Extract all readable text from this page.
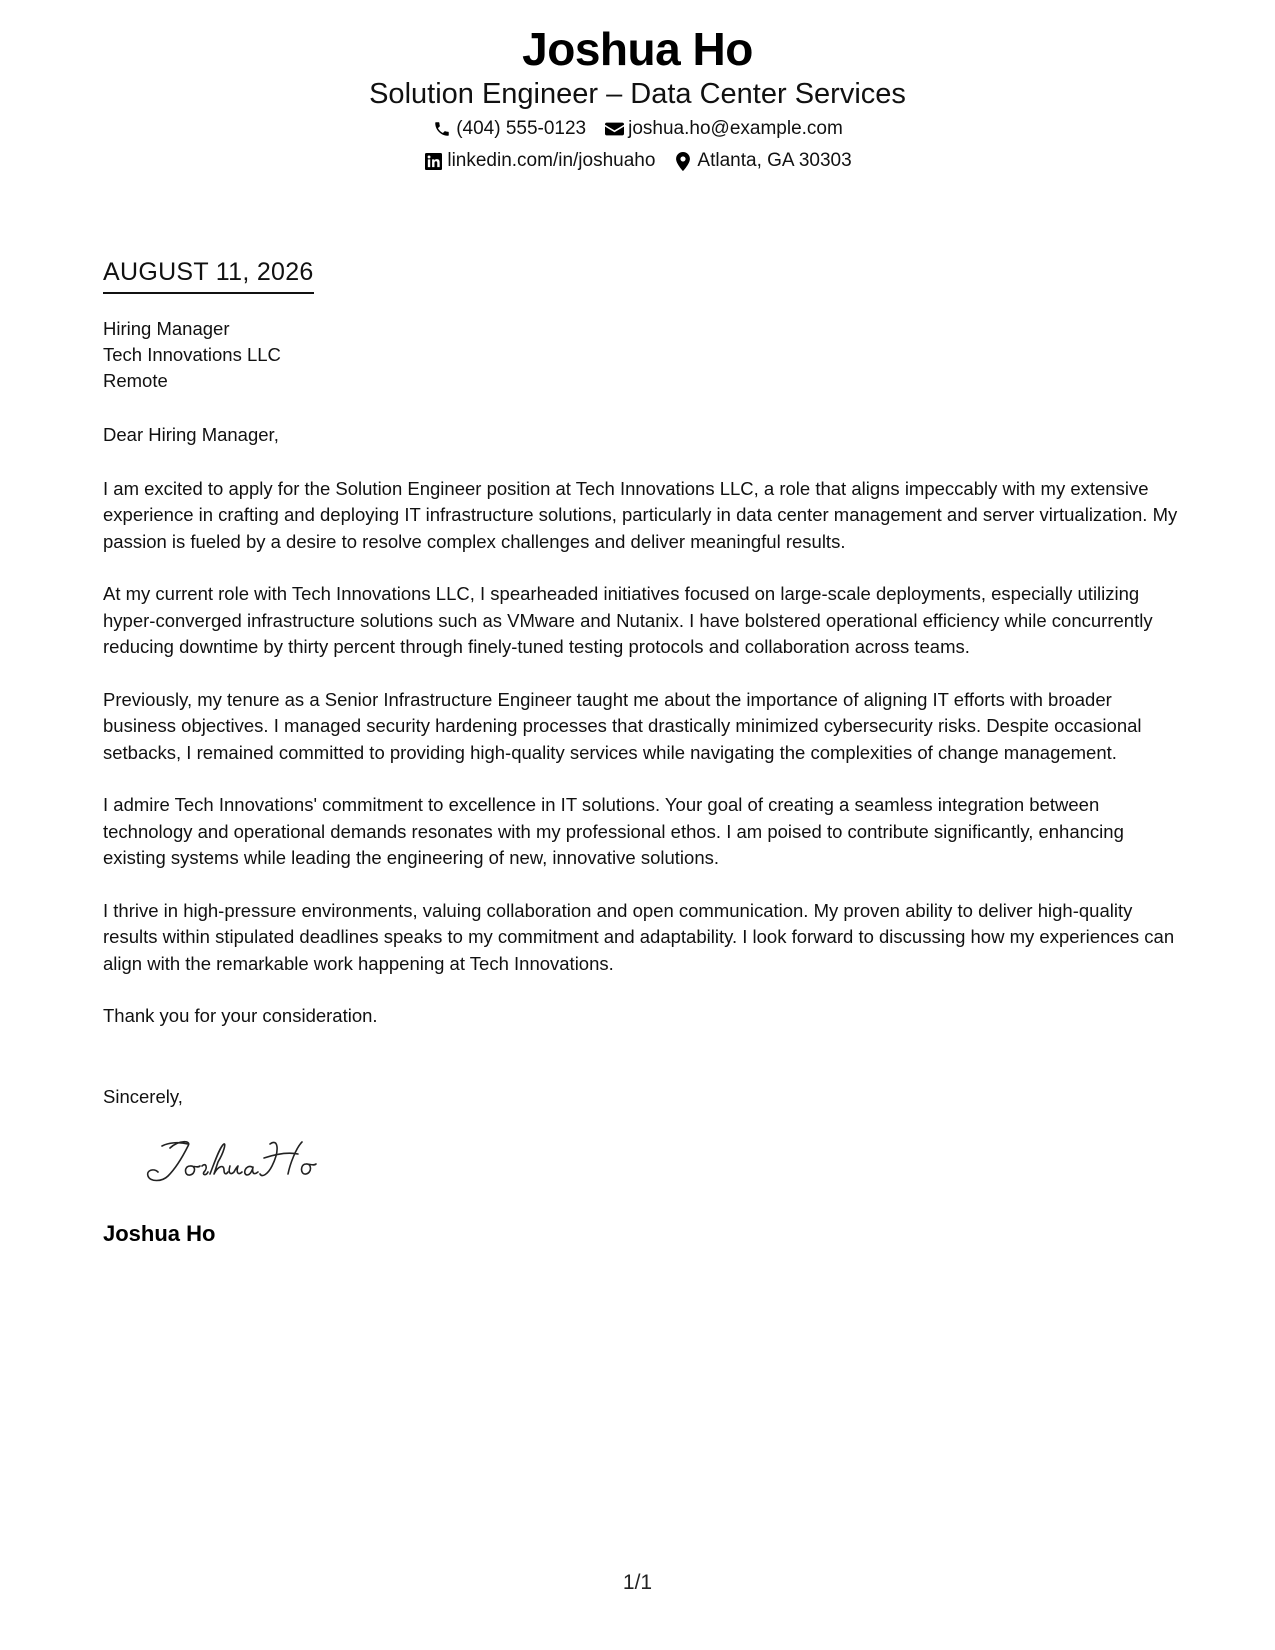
Joshua Ho
Solution Engineer – Data Center Services
(404) 555-0123 joshua.ho@example.com
linkedin.com/in/joshuaho Atlanta, GA 30303
AUGUST 11, 2026
Hiring Manager
Tech Innovations LLC
Remote

Dear Hiring Manager,

I am excited to apply for the Solution Engineer position at Tech Innovations LLC, a role that aligns impeccably with my extensive experience in crafting and deploying IT infrastructure solutions, particularly in data center management and server virtualization. My passion is fueled by a desire to resolve complex challenges and deliver meaningful results.

At my current role with Tech Innovations LLC, I spearheaded initiatives focused on large-scale deployments, especially utilizing hyper-converged infrastructure solutions such as VMware and Nutanix. I have bolstered operational efficiency while concurrently reducing downtime by thirty percent through finely-tuned testing protocols and collaboration across teams.

Previously, my tenure as a Senior Infrastructure Engineer taught me about the importance of aligning IT efforts with broader business objectives. I managed security hardening processes that drastically minimized cybersecurity risks. Despite occasional setbacks, I remained committed to providing high-quality services while navigating the complexities of change management.

I admire Tech Innovations' commitment to excellence in IT solutions. Your goal of creating a seamless integration between technology and operational demands resonates with my professional ethos. I am poised to contribute significantly, enhancing existing systems while leading the engineering of new, innovative solutions.

I thrive in high-pressure environments, valuing collaboration and open communication. My proven ability to deliver high-quality results within stipulated deadlines speaks to my commitment and adaptability. I look forward to discussing how my experiences can align with the remarkable work happening at Tech Innovations.

Thank you for your consideration.

Sincerely,
Joshua Ho
1/1
